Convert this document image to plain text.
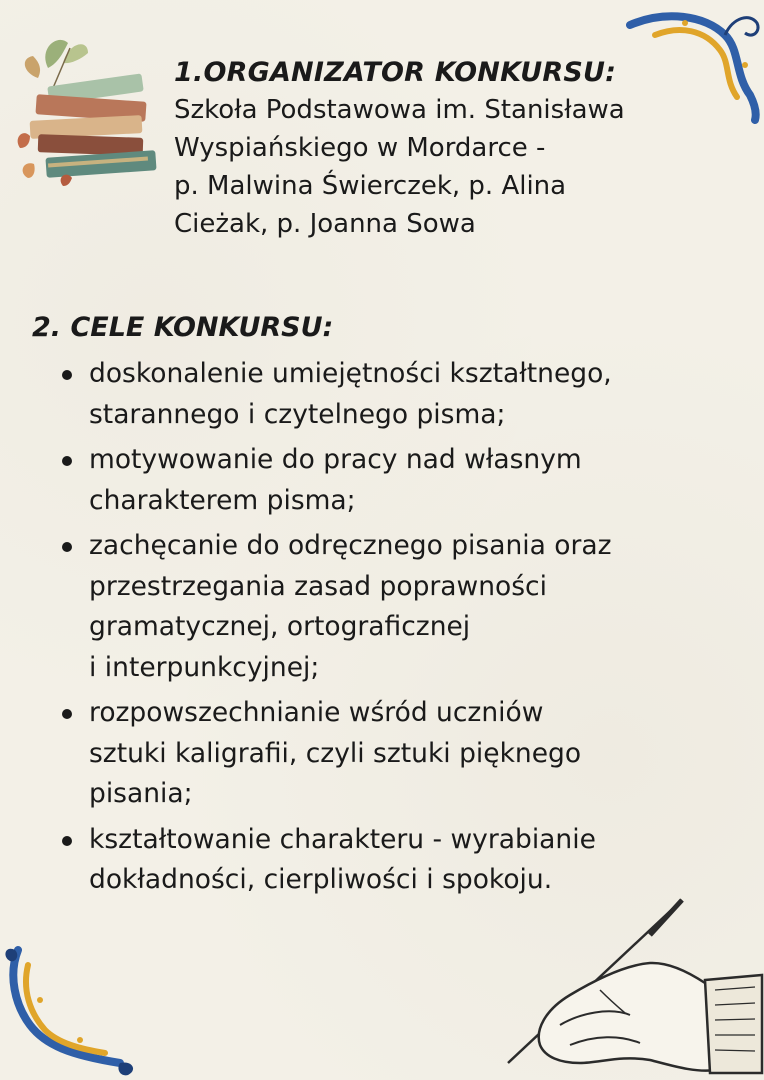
1.ORGANIZATOR KONKURSU:

Szkoła Podstawowa im. Stanisława

Wyspiańskiego w Mordarce -

p. Malwina Świerczek, p. Alina

Cieżak, p. Joanna Sowa

2. CELE KONKURSU:

doskonalenie umiejętności kształtnego,
starannego i czytelnego pisma;
motywowanie do pracy nad własnym
charakterem pisma;
zachęcanie do odręcznego pisania oraz
przestrzegania zasad poprawności
gramatycznej, ortograficznej
i interpunkcyjnej;
rozpowszechnianie wśród uczniów
sztuki kaligrafii, czyli sztuki pięknego
pisania;
kształtowanie charakteru - wyrabianie
dokładności, cierpliwości i spokoju.
